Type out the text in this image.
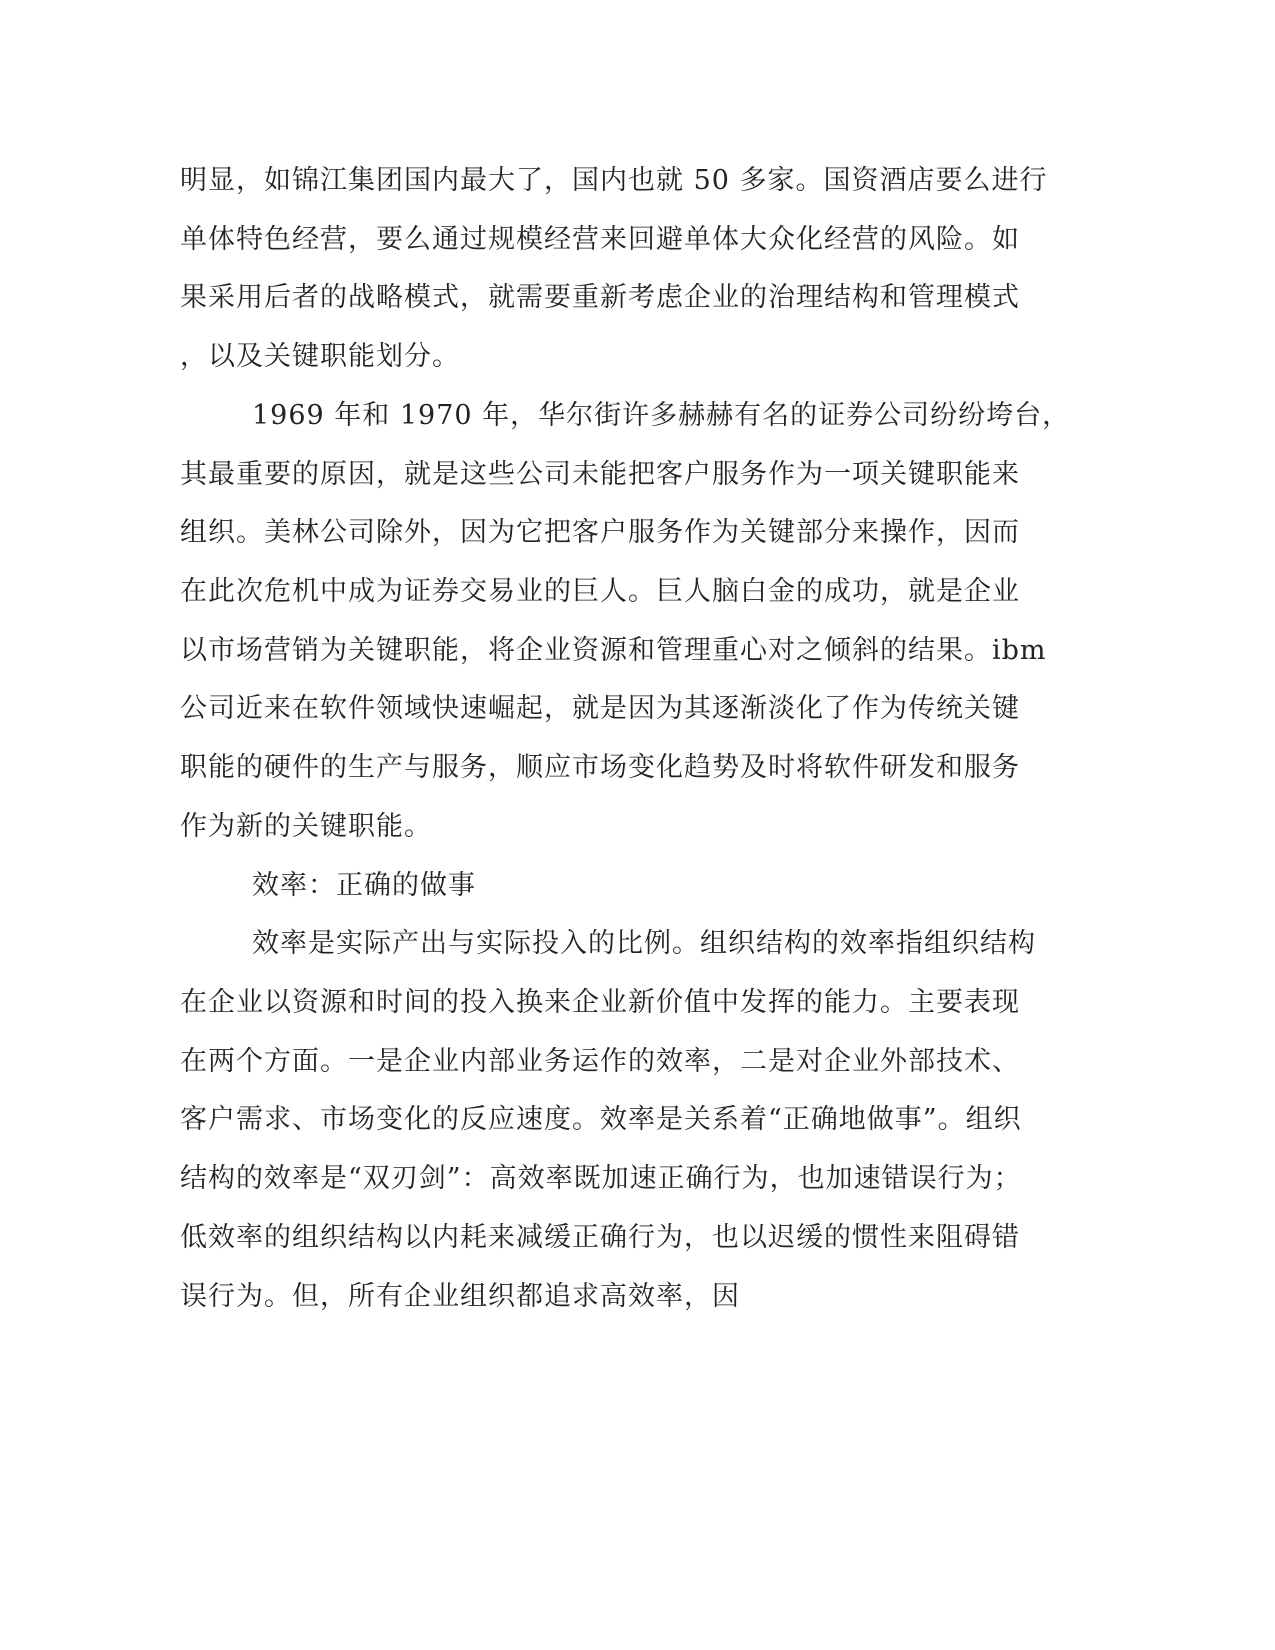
明显，如锦江集团国内最大了，国内也就 50 多家。国资酒店要么进行
单体特色经营，要么通过规模经营来回避单体大众化经营的风险。如
果采用后者的战略模式，就需要重新考虑企业的治理结构和管理模式
，以及关键职能划分。
1969 年和 1970 年，华尔街许多赫赫有名的证券公司纷纷垮台，
其最重要的原因，就是这些公司未能把客户服务作为一项关键职能来
组织。美林公司除外，因为它把客户服务作为关键部分来操作，因而
在此次危机中成为证券交易业的巨人。巨人脑白金的成功，就是企业
以市场营销为关键职能，将企业资源和管理重心对之倾斜的结果。ibm
公司近来在软件领域快速崛起，就是因为其逐渐淡化了作为传统关键
职能的硬件的生产与服务，顺应市场变化趋势及时将软件研发和服务
作为新的关键职能。
效率：正确的做事
效率是实际产出与实际投入的比例。组织结构的效率指组织结构
在企业以资源和时间的投入换来企业新价值中发挥的能力。主要表现
在两个方面。一是企业内部业务运作的效率，二是对企业外部技术、
客户需求、市场变化的反应速度。效率是关系着“正确地做事”。组织
结构的效率是“双刃剑”：高效率既加速正确行为，也加速错误行为；
低效率的组织结构以内耗来减缓正确行为，也以迟缓的惯性来阻碍错
误行为。但，所有企业组织都追求高效率，因
